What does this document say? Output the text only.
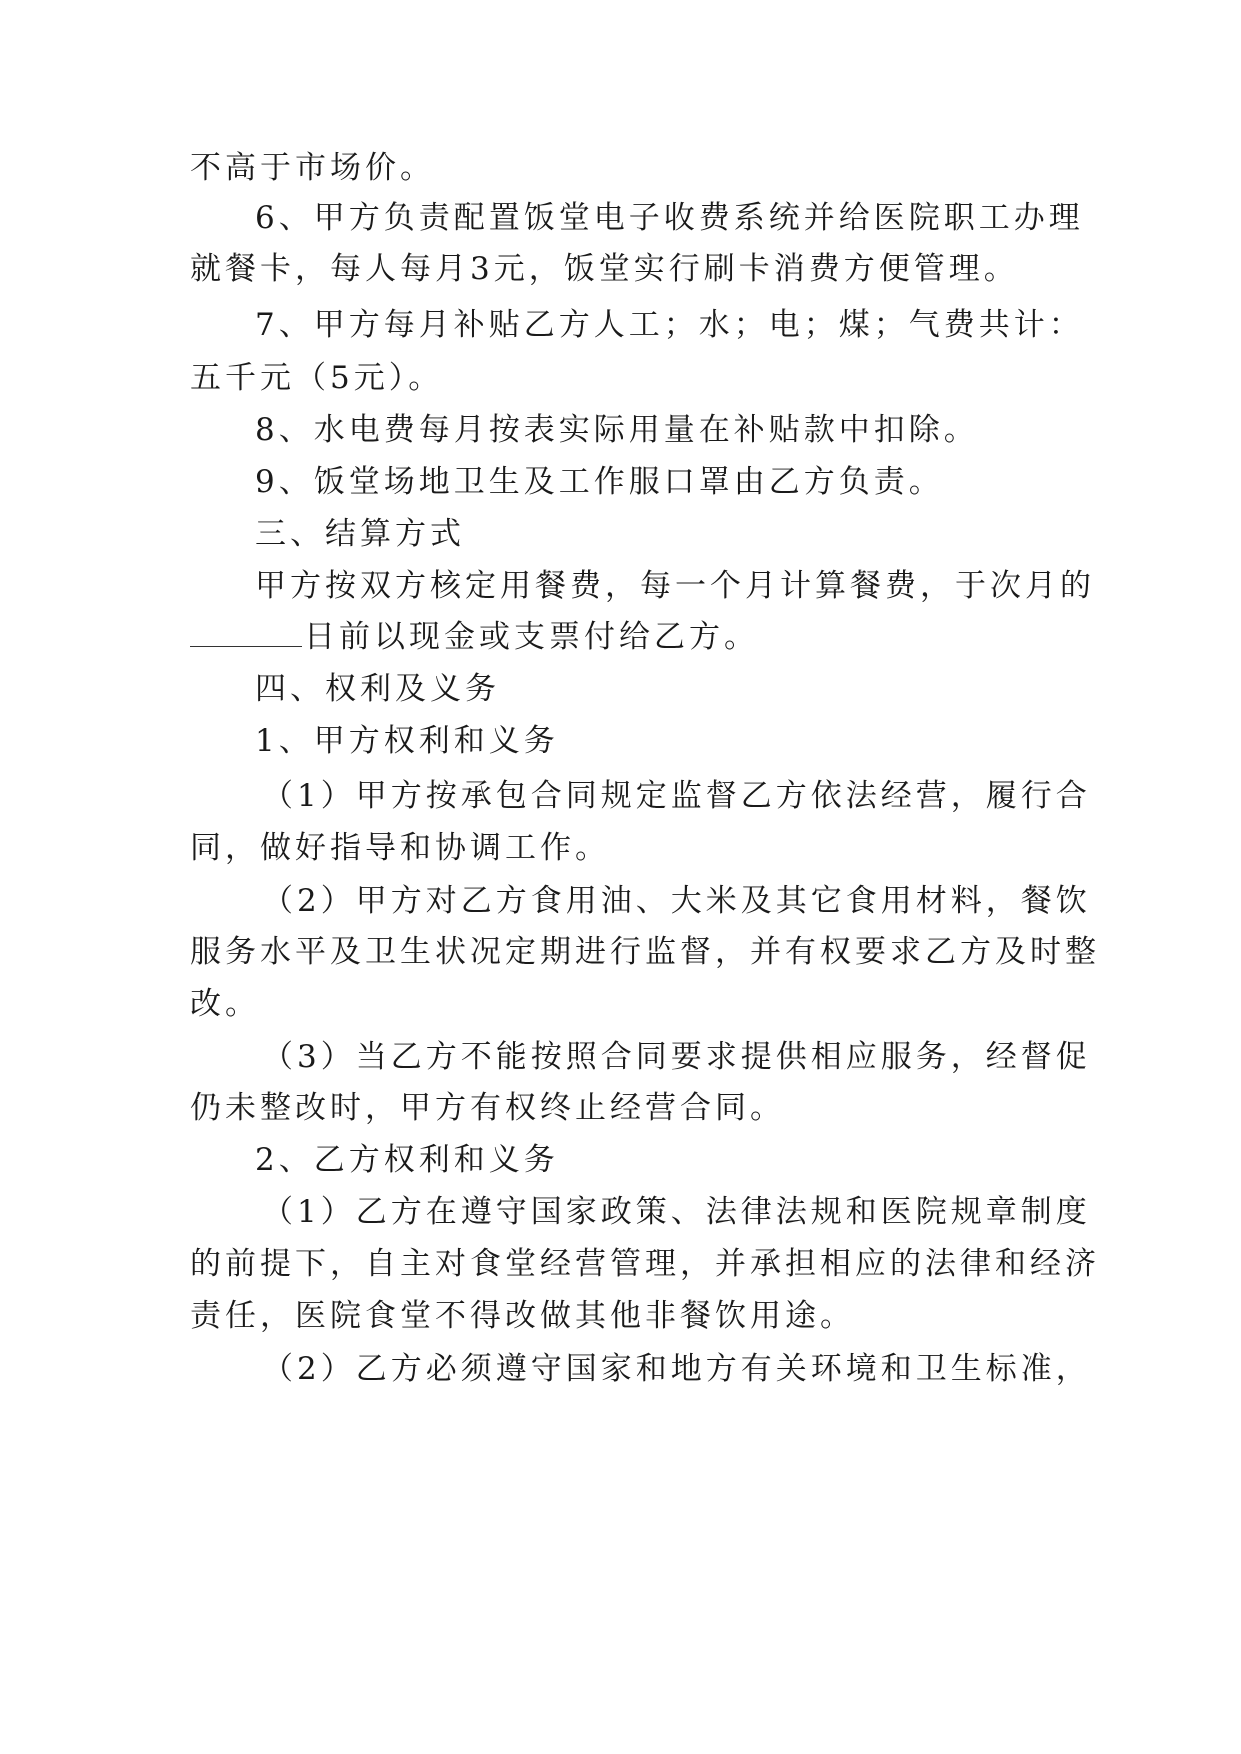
不高于市场价。
6、甲方负责配置饭堂电子收费系统并给医院职工办理
就餐卡，每人每月3元，饭堂实行刷卡消费方便管理。
7、甲方每月补贴乙方人工；水；电；煤；气费共计：
五千元（5元）。
8、水电费每月按表实际用量在补贴款中扣除。
9、饭堂场地卫生及工作服口罩由乙方负责。
三、结算方式
甲方按双方核定用餐费，每一个月计算餐费，于次月的
日前以现金或支票付给乙方。
四、权利及义务
1、甲方权利和义务
（1）甲方按承包合同规定监督乙方依法经营，履行合
同，做好指导和协调工作。
（2）甲方对乙方食用油、大米及其它食用材料，餐饮
服务水平及卫生状况定期进行监督，并有权要求乙方及时整
改。
（3）当乙方不能按照合同要求提供相应服务，经督促
仍未整改时，甲方有权终止经营合同。
2、乙方权利和义务
（1）乙方在遵守国家政策、法律法规和医院规章制度
的前提下，自主对食堂经营管理，并承担相应的法律和经济
责任，医院食堂不得改做其他非餐饮用途。
（2）乙方必须遵守国家和地方有关环境和卫生标准，
